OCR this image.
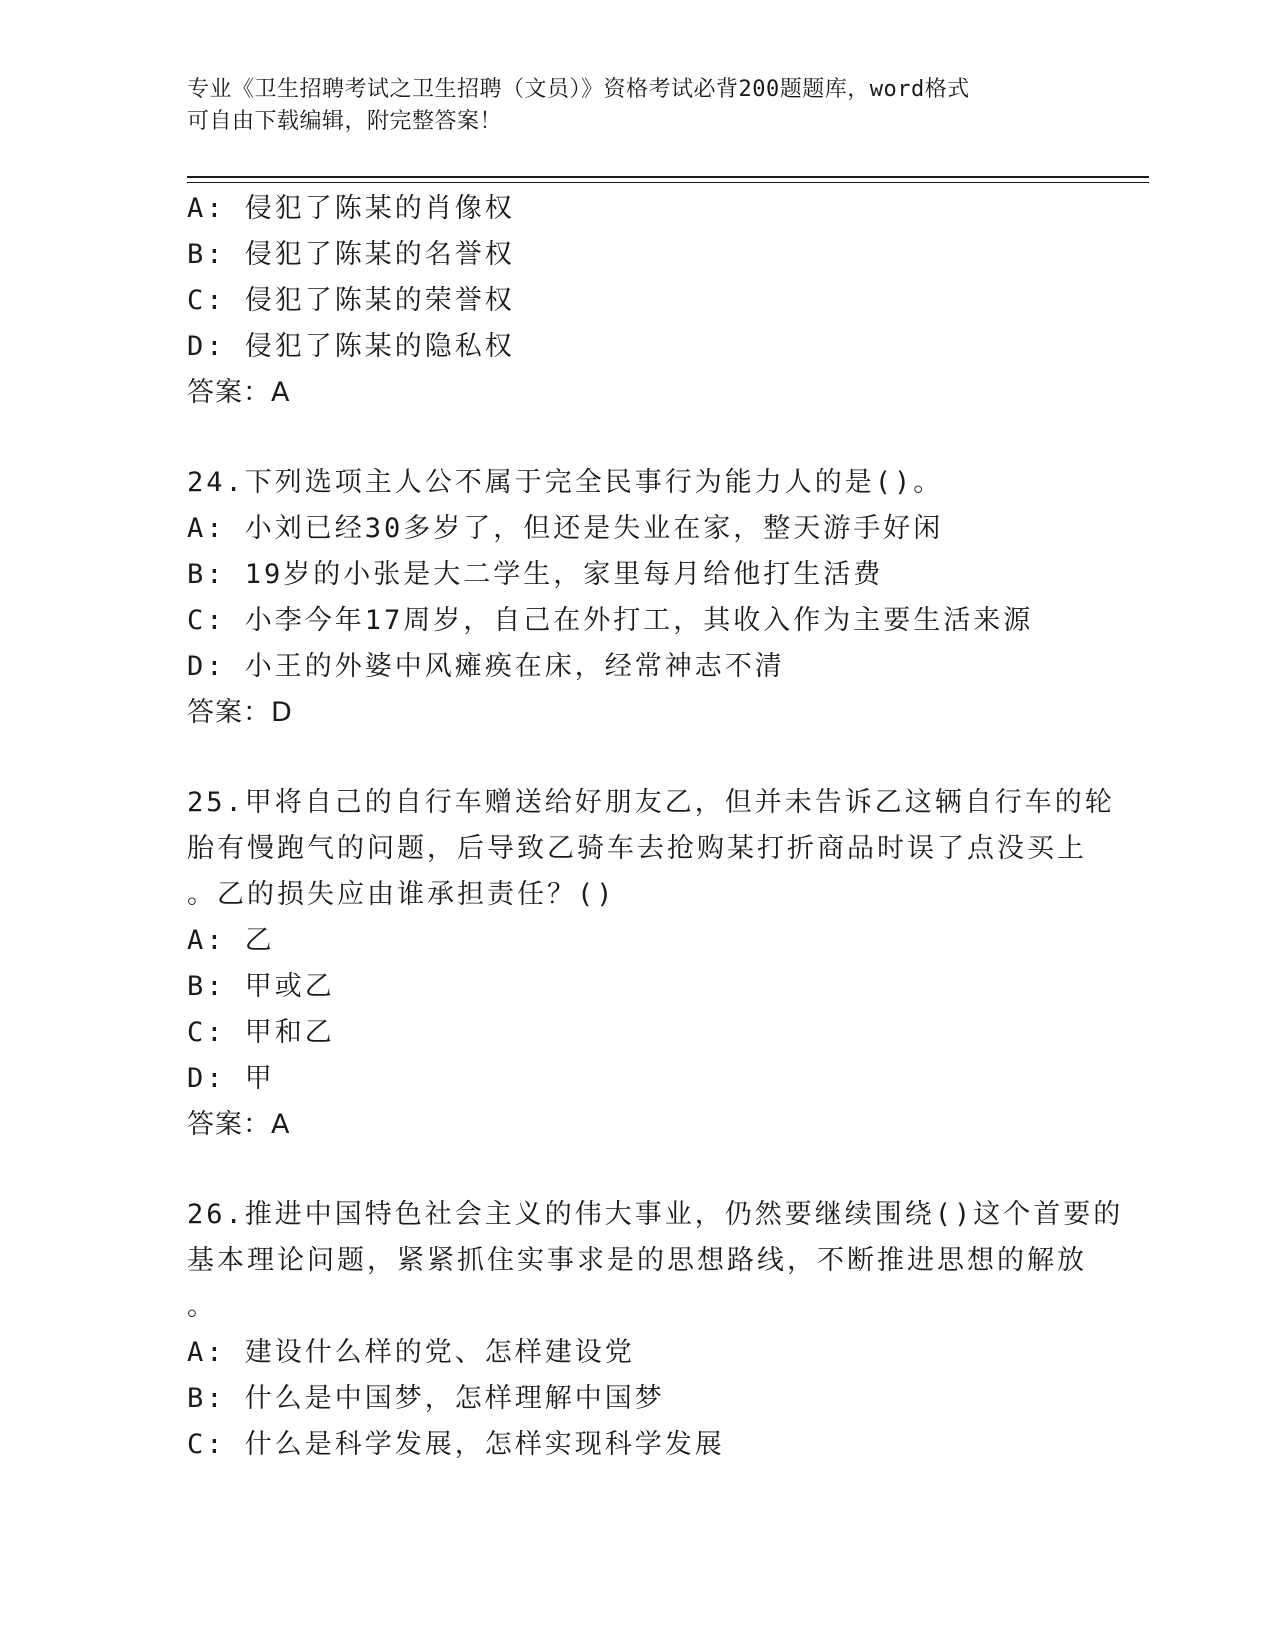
专业《卫生招聘考试之卫生招聘（文员）》资格考试必背200题题库，word格式
可自由下载编辑，附完整答案！
A: 侵犯了陈某的肖像权
B: 侵犯了陈某的名誉权
C: 侵犯了陈某的荣誉权
D: 侵犯了陈某的隐私权
答案：A
24.下列选项主人公不属于完全民事行为能力人的是()。
A: 小刘已经30多岁了，但还是失业在家，整天游手好闲
B: 19岁的小张是大二学生，家里每月给他打生活费
C: 小李今年17周岁，自己在外打工，其收入作为主要生活来源
D: 小王的外婆中风瘫痪在床，经常神志不清
答案：D
25.甲将自己的自行车赠送给好朋友乙，但并未告诉乙这辆自行车的轮
胎有慢跑气的问题，后导致乙骑车去抢购某打折商品时误了点没买上
。乙的损失应由谁承担责任？()
A: 乙
B: 甲或乙
C: 甲和乙
D: 甲
答案：A
26.推进中国特色社会主义的伟大事业，仍然要继续围绕()这个首要的
基本理论问题，紧紧抓住实事求是的思想路线，不断推进思想的解放
。
A: 建设什么样的党、怎样建设党
B: 什么是中国梦，怎样理解中国梦
C: 什么是科学发展，怎样实现科学发展
